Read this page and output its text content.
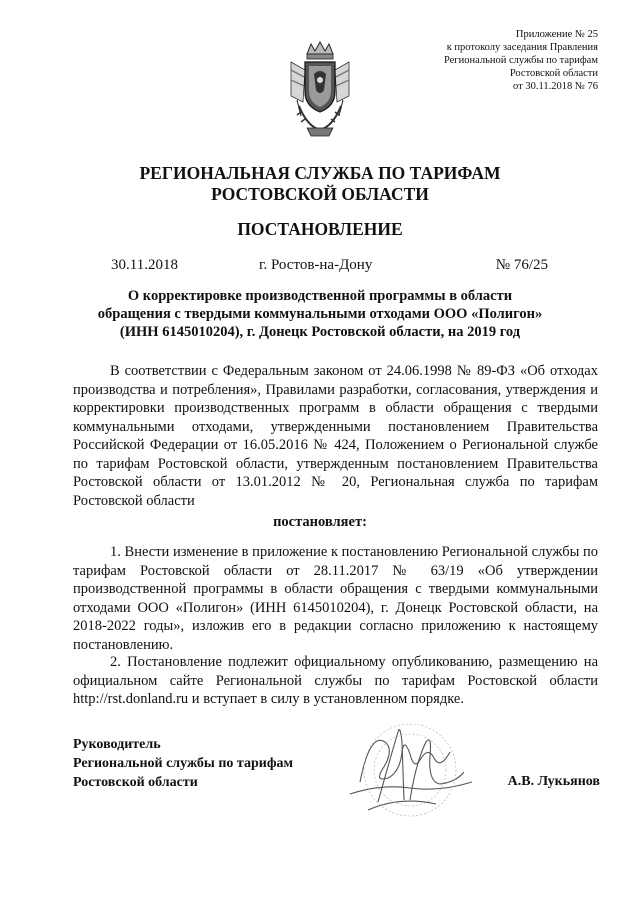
Приложение № 25
к протоколу заседания Правления
Региональной службы по тарифам
Ростовской области
от 30.11.2018 № 76
РЕГИОНАЛЬНАЯ СЛУЖБА ПО ТАРИФАМ
РОСТОВСКОЙ ОБЛАСТИ
ПОСТАНОВЛЕНИЕ
30.11.2018	г. Ростов-на-Дону	№ 76/25
О корректировке производственной программы в области
обращения с твердыми коммунальными отходами ООО «Полигон»
(ИНН 6145010204), г. Донецк Ростовской области, на 2019 год
В соответствии с Федеральным законом от 24.06.1998 № 89-ФЗ «Об отходах производства и потребления», Правилами разработки, согласования, утверждения и корректировки производственных программ в области обращения с твердыми коммунальными отходами, утвержденными постановлением Правительства Российской Федерации от 16.05.2016 № 424, Положением о Региональной службе по тарифам Ростовской области, утвержденным постановлением Правительства Ростовской области от 13.01.2012 № 20, Региональная служба по тарифам Ростовской области
постановляет:
1. Внести изменение в приложение к постановлению Региональной службы по тарифам Ростовской области от 28.11.2017 № 63/19 «Об утверждении производственной программы в области обращения с твердыми коммунальными отходами ООО «Полигон» (ИНН 6145010204), г. Донецк Ростовской области, на 2018-2022 годы», изложив его в редакции согласно приложению к настоящему постановлению.
2. Постановление подлежит официальному опубликованию, размещению на официальном сайте Региональной службы по тарифам Ростовской области http://rst.donland.ru и вступает в силу в установленном порядке.
Руководитель
Региональной службы по тарифам
Ростовской области	А.В. Лукьянов
